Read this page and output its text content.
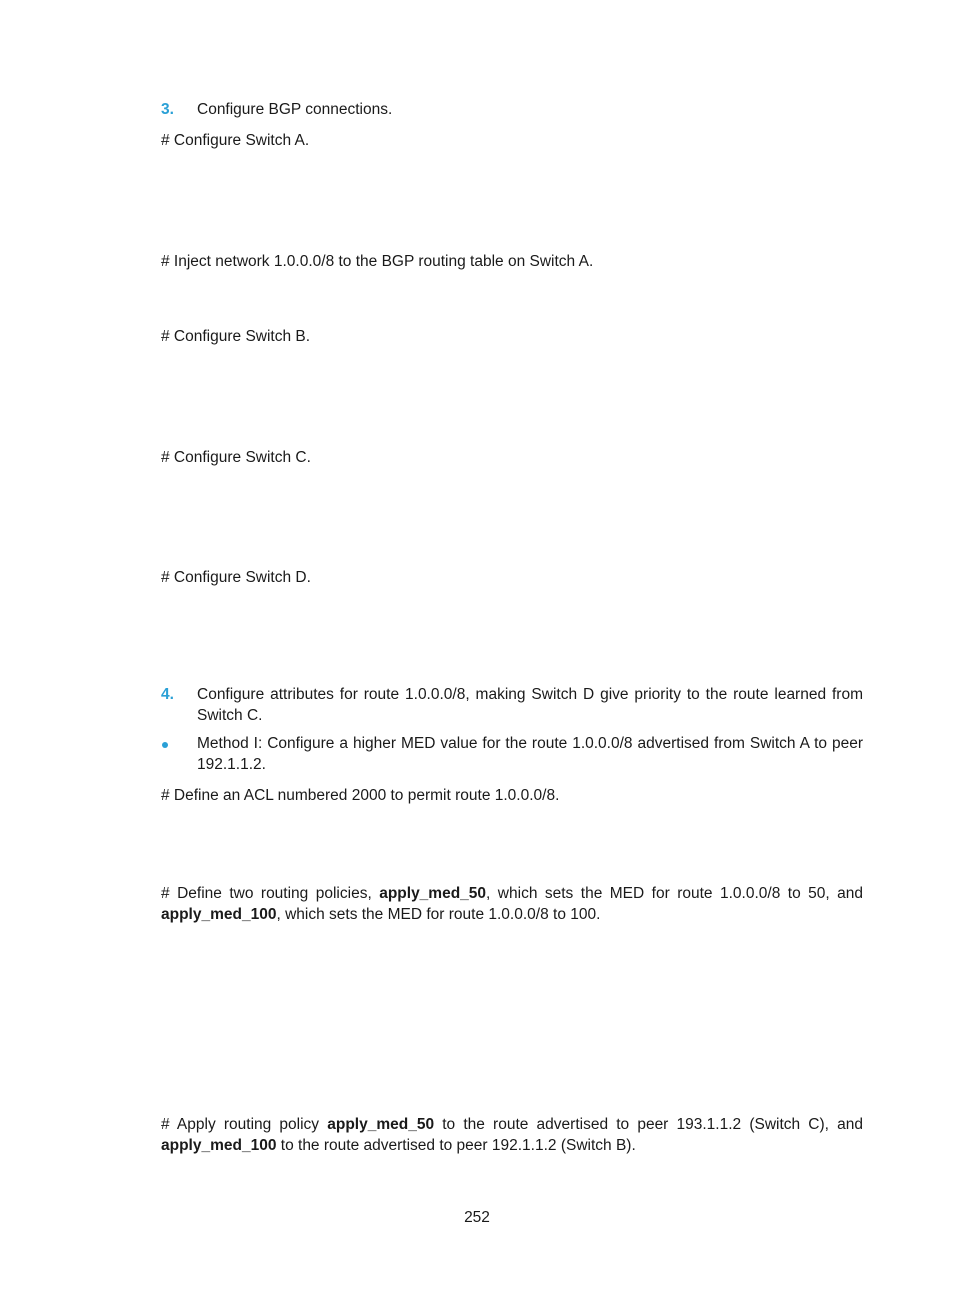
3. Configure BGP connections.
# Configure Switch A.
# Inject network 1.0.0.0/8 to the BGP routing table on Switch A.
# Configure Switch B.
# Configure Switch C.
# Configure Switch D.
4. Configure attributes for route 1.0.0.0/8, making Switch D give priority to the route learned from Switch C.
Method I: Configure a higher MED value for the route 1.0.0.0/8 advertised from Switch A to peer 192.1.1.2.
# Define an ACL numbered 2000 to permit route 1.0.0.0/8.
# Define two routing policies, apply_med_50, which sets the MED for route 1.0.0.0/8 to 50, and apply_med_100, which sets the MED for route 1.0.0.0/8 to 100.
# Apply routing policy apply_med_50 to the route advertised to peer 193.1.1.2 (Switch C), and apply_med_100 to the route advertised to peer 192.1.1.2 (Switch B).
252
